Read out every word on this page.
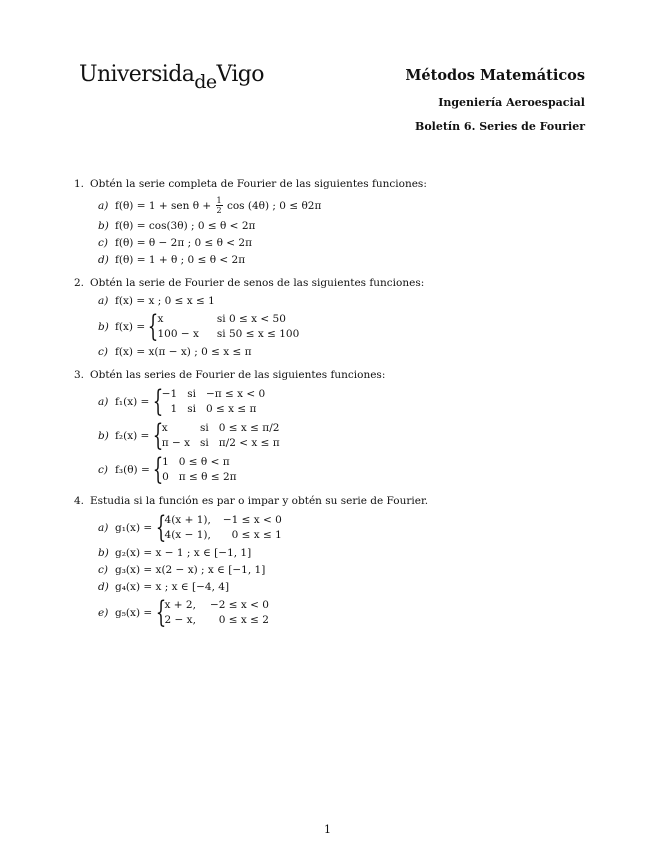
UniversidadeVigo	Métodos Matemáticos
Ingeniería Aeroespacial
Boletín 6. Series de Fourier
1. Obtén la serie completa de Fourier de las siguientes funciones:
a) f(θ) = 1 + sen $\theta + \frac{1}{2}$ cos (4θ) ; 0 ≤ θ2π
b) f(θ) = cos(3θ) ; 0 ≤ θ < 2π
c) f(θ) = θ − 2π ; 0 ≤ θ < 2π
d) f(θ) = 1 + θ ; 0 ≤ θ < 2π
2. Obtén la serie de Fourier de senos de las siguientes funciones:
a) f(x) = x ; 0 ≤ x ≤ 1
b) f(x) =
{
x	si 0 ≤ x < 50
100 − x si 50 ≤ x ≤ 100
c) f(x) = x(π − x) ; 0 ≤ x ≤ π
3. Obtén las series de Fourier de las siguientes funciones:
a) f₁(x) =
{
−1 si −π ≤ x < 0
1 si 0 ≤ x ≤ π
b) f₂(x) =
{
x	si 0 ≤ x ≤ π/2
π − x si π/2 < x ≤ π
c) f₃(θ) =
{
1 0 ≤ θ < π
0 π ≤ θ ≤ 2π
4. Estudia si la función es par o impar y obtén su serie de Fourier.
a) g₁(x) =
{
4(x + 1), −1 ≤ x < 0
4(x − 1),	0 ≤ x ≤ 1
b) g₂(x) = x − 1 ; x ∈ [−1, 1]
c) g₃(x) = x(2 − x) ; x ∈ [−1, 1]
d) g₄(x) = x ; x ∈ [−4, 4]
e) g₅(x) =
{
x + 2, −2 ≤ x < 0
2 − x,	0 ≤ x ≤ 2
1
